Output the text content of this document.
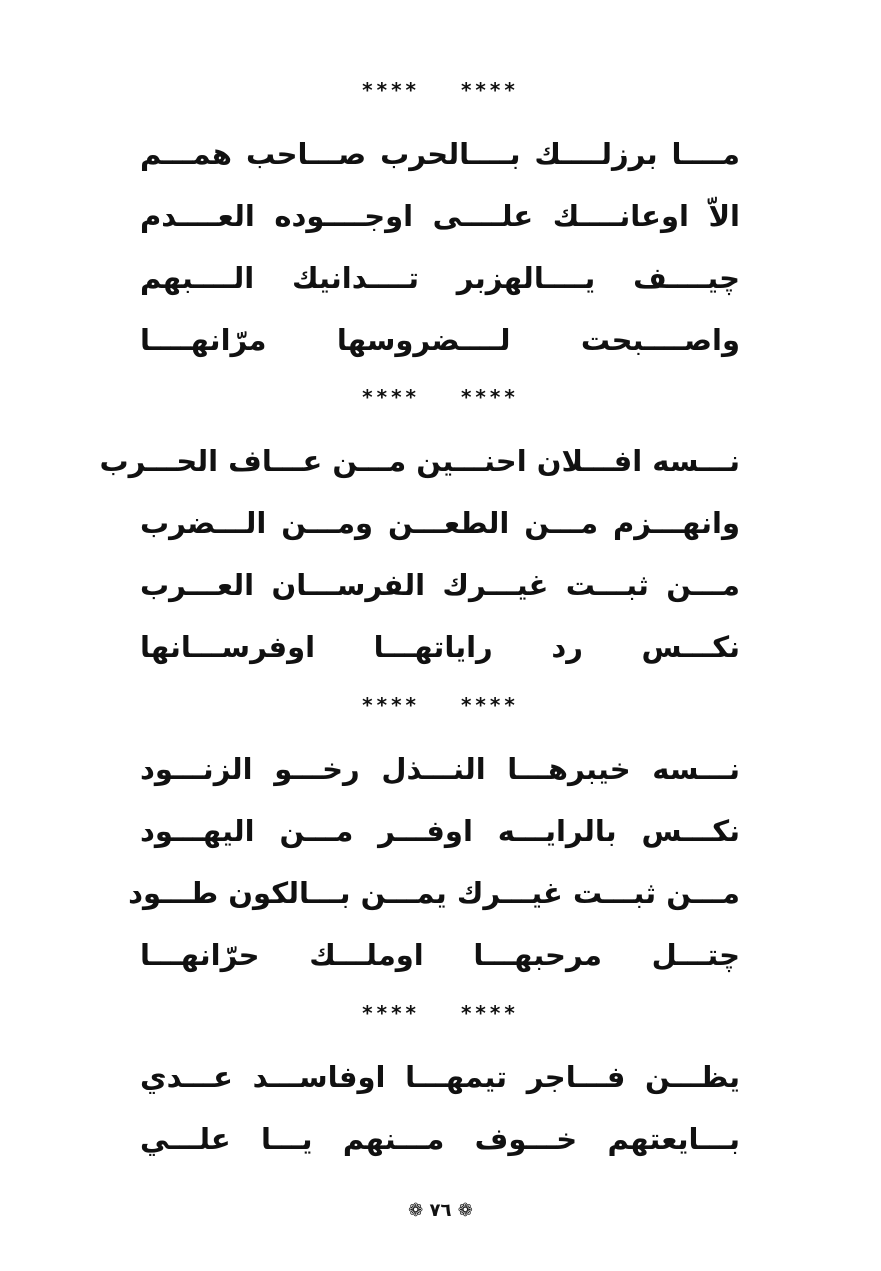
**** ****
مــــا برزلــــك بــــالحرب صـــاحب همـــم
الاّ اوعانــــك علــــى اوجــــوده العــــدم
چيــــف يــــالهزبر تــــدانيك الــــبهم
واصــــبحت لــــضروسها مرّانهــــا
**** ****
نـــسه افـــلان احنـــين مـــن عـــاف الحـــرب
وانهـــزم مـــن الطعـــن ومـــن الـــضرب
مـــن ثبـــت غيـــرك الفرســـان العـــرب
نكـــس رد راياتهـــا اوفرســـانها
**** ****
نـــسه خيبرهـــا النـــذل رخـــو الزنـــود
نكـــس بالرايـــه اوفـــر مـــن اليهـــود
مـــن ثبـــت غيـــرك يمـــن بـــالكون طـــود
چتـــل مرحبهـــا اوملـــك حرّانهـــا
**** ****
يظـــن فـــاجر تيمهـــا اوفاســـد عـــدي
بـــايعتهم خـــوف مـــنهم يـــا علـــي
❁ ٧٦ ❁
